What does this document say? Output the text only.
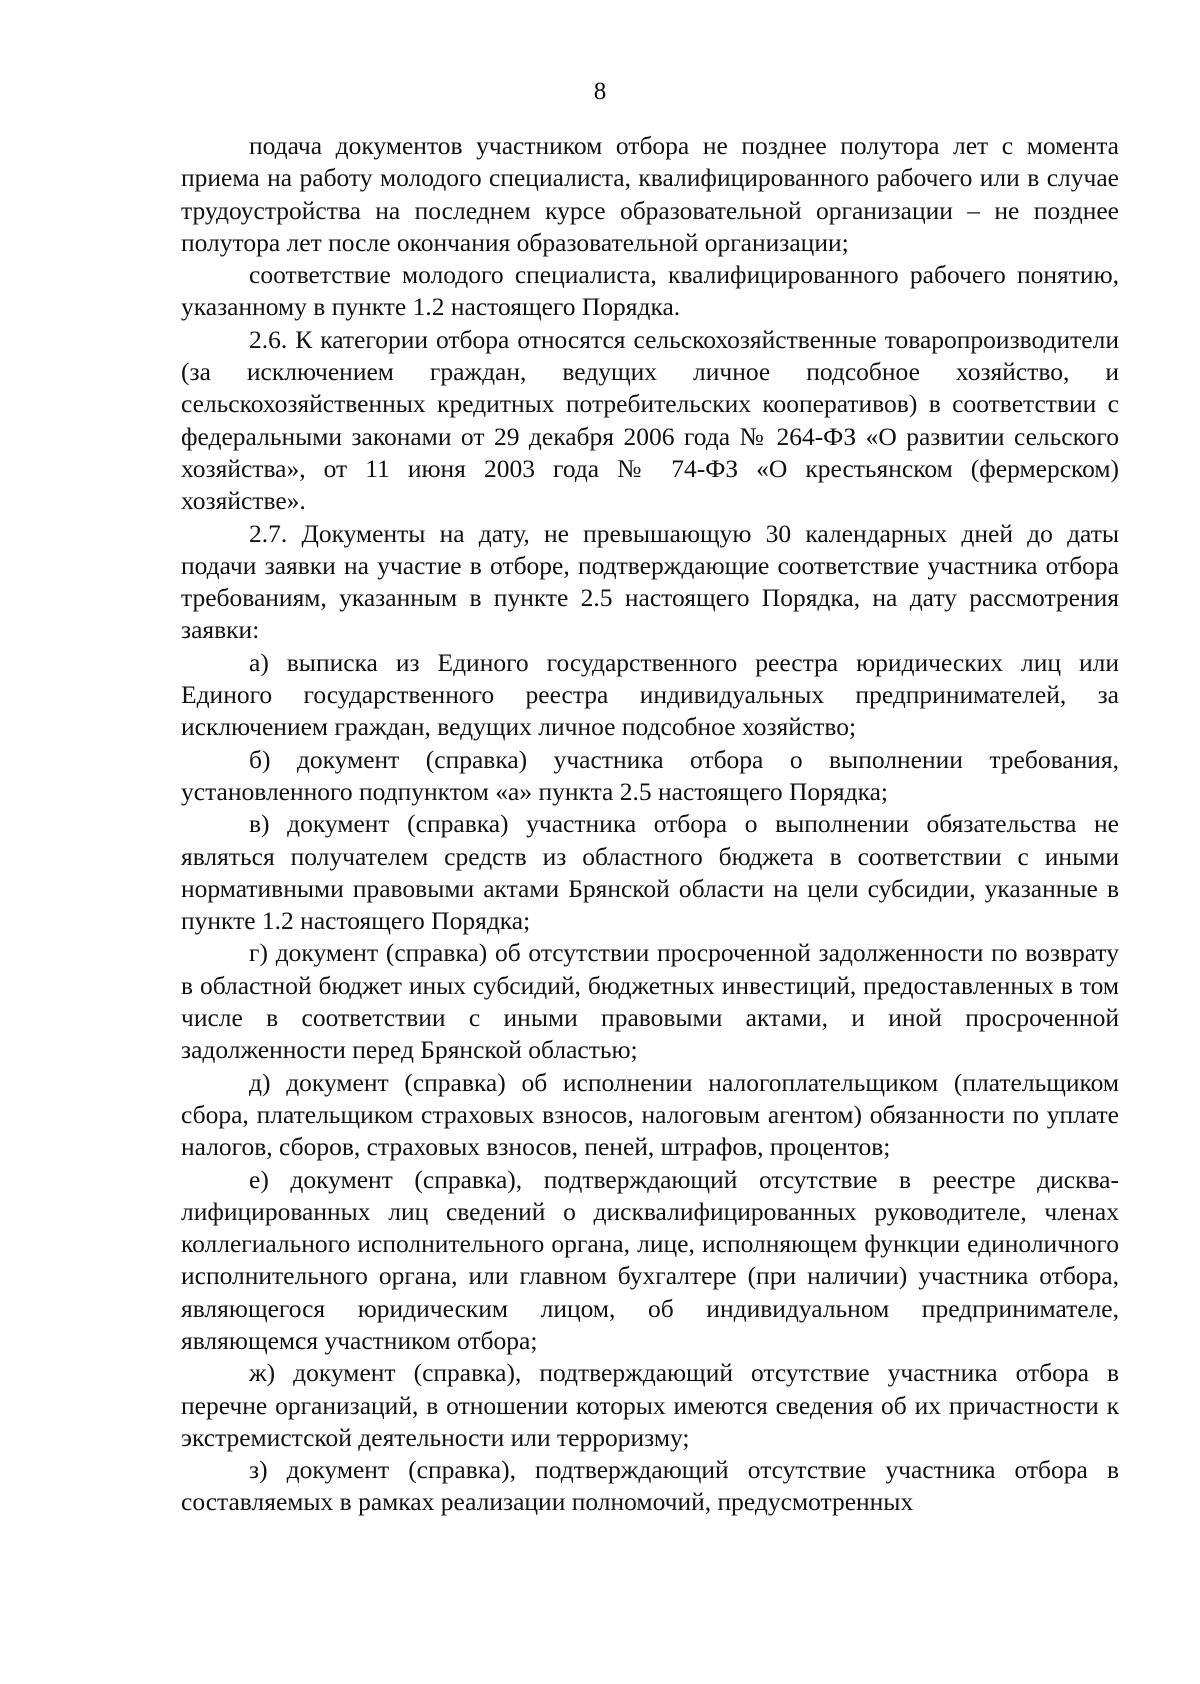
8

подача документов участником отбора не позднее полутора лет с момента приема на работу молодого специалиста, квалифицированного рабочего или в случае трудоустройства на последнем курсе образовательной организации – не позднее полутора лет после окончания образовательной организации;

соответствие молодого специалиста, квалифицированного рабочего понятию, указанному в пункте 1.2 настоящего Порядка.

2.6. К категории отбора относятся сельскохозяйственные товаропроизводители (за исключением граждан, ведущих личное подсобное хозяйство, и сельскохозяйственных кредитных потребительских кооперативов) в соответствии с федеральными законами от 29 декабря 2006 года № 264-ФЗ «О развитии сельского хозяйства», от 11 июня 2003 года № 74-ФЗ «О крестьянском (фермерском) хозяйстве».

2.7. Документы на дату, не превышающую 30 календарных дней до даты подачи заявки на участие в отборе, подтверждающие соответствие участника отбора требованиям, указанным в пункте 2.5 настоящего Порядка, на дату рассмотрения заявки:

а) выписка из Единого государственного реестра юридических лиц или Единого государственного реестра индивидуальных предпринимателей, за исключением граждан, ведущих личное подсобное хозяйство;

б) документ (справка) участника отбора о выполнении требования, установленного подпунктом «а» пункта 2.5 настоящего Порядка;

в) документ (справка) участника отбора о выполнении обязательства не являться получателем средств из областного бюджета в соответствии с иными нормативными правовыми актами Брянской области на цели субсидии, указанные в пункте 1.2 настоящего Порядка;

г) документ (справка) об отсутствии просроченной задолженности по возврату в областной бюджет иных субсидий, бюджетных инвестиций, предоставленных в том числе в соответствии с иными правовыми актами, и иной просроченной задолженности перед Брянской областью;

д) документ (справка) об исполнении налогоплательщиком (плательщиком сбора, плательщиком страховых взносов, налоговым агентом) обязанности по уплате налогов, сборов, страховых взносов, пеней, штрафов, процентов;

е) документ (справка), подтверждающий отсутствие в реестре дисквалифицированных лиц сведений о дисквалифицированных руководителе, членах коллегиального исполнительного органа, лице, исполняющем функции единоличного исполнительного органа, или главном бухгалтере (при наличии) участника отбора, являющегося юридическим лицом, об индивидуальном предпринимателе, являющемся участником отбора;

ж) документ (справка), подтверждающий отсутствие участника отбора в перечне организаций, в отношении которых имеются сведения об их причастности к экстремистской деятельности или терроризму;

з) документ (справка), подтверждающий отсутствие участника отбора в составляемых в рамках реализации полномочий, предусмотренных
